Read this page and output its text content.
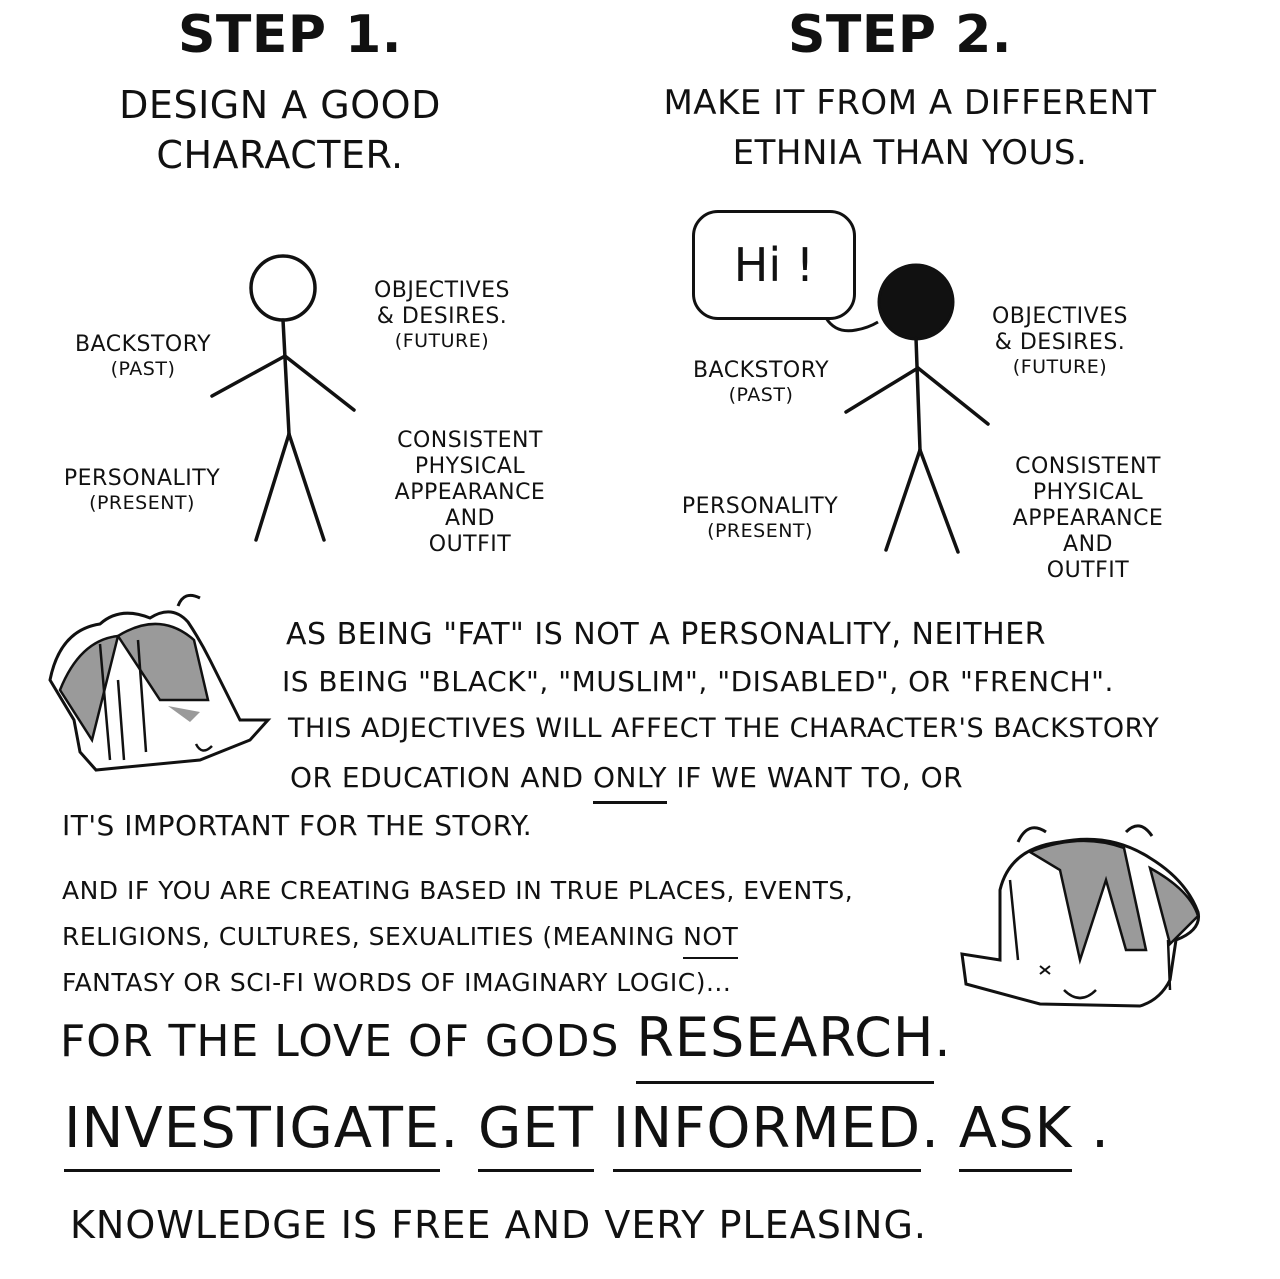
STEP 1.
DESIGN A GOOD
CHARACTER.
STEP 2.
MAKE IT FROM A DIFFERENT
ETHNIA THAN YOUS.
BACKSTORY
(PAST)
OBJECTIVES
& DESIRES.
(FUTURE)
PERSONALITY
(PRESENT)
CONSISTENT
PHYSICAL
APPEARANCE
AND
OUTFIT
Hi !
BACKSTORY
(PAST)
OBJECTIVES
& DESIRES.
(FUTURE)
PERSONALITY
(PRESENT)
CONSISTENT
PHYSICAL
APPEARANCE
AND
OUTFIT
AS BEING "FAT" IS NOT A PERSONALITY, NEITHER
IS BEING "BLACK", "MUSLIM", "DISABLED", OR "FRENCH".
THIS ADJECTIVES WILL AFFECT THE CHARACTER'S BACKSTORY
OR EDUCATION AND ONLY IF WE WANT TO, OR
IT'S IMPORTANT FOR THE STORY.
AND IF YOU ARE CREATING BASED IN TRUE PLACES, EVENTS,
RELIGIONS, CULTURES, SEXUALITIES (MEANING NOT
FANTASY OR SCI-FI WORDS OF IMAGINARY LOGIC)...
FOR THE LOVE OF GODS RESEARCH.
INVESTIGATE. GET INFORMED. ASK .
KNOWLEDGE IS FREE AND VERY PLEASING.
